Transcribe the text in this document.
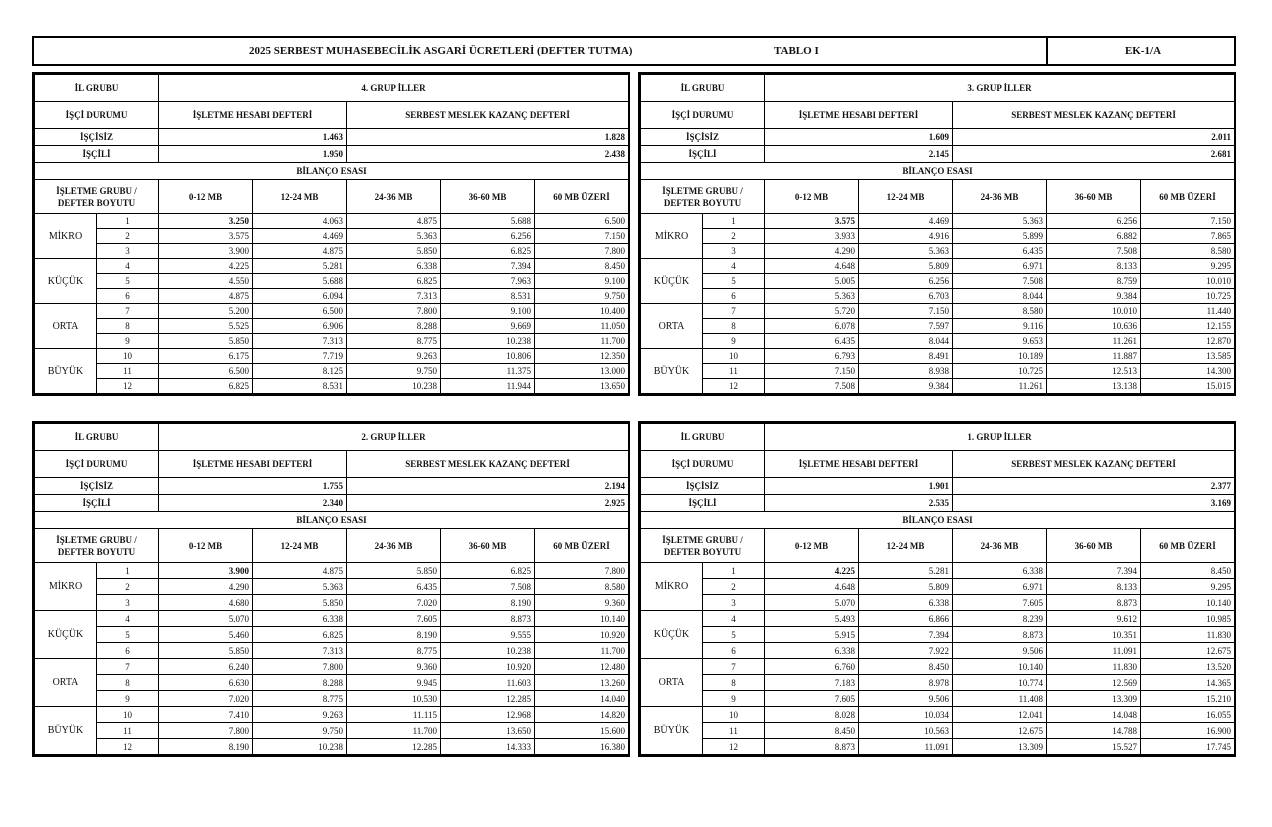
2025 SERBEST MUHASEBECİLİK ASGARİ ÜCRETLERİ (DEFTER TUTMA)	TABLO I	EK-1/A
İL GRUBU		4. GRUP İLLER				
İŞÇİ DURUMU		İŞLETME HESABI DEFTERİ		SERBEST MESLEK KAZANÇ DEFTERİ		
İŞÇİSİZ		1.463		1.828		
İŞÇİLİ		1.950		2.438		
BİLANÇO ESASI						
İŞLETME GRUBU / DEFTER BOYUTU		0-12 MB	12-24 MB	24-36 MB	36-60 MB	60 MB ÜZERİ
MİKRO	1	3.250	4.063	4.875	5.688	6.500
	2	3.575	4.469	5.363	6.256	7.150
	3	3.900	4.875	5.850	6.825	7.800
KÜÇÜK	4	4.225	5.281	6.338	7.394	8.450
	5	4.550	5.688	6.825	7.963	9.100
	6	4.875	6.094	7.313	8.531	9.750
ORTA	7	5.200	6.500	7.800	9.100	10.400
	8	5.525	6.906	8.288	9.669	11.050
	9	5.850	7.313	8.775	10.238	11.700
BÜYÜK	10	6.175	7.719	9.263	10.806	12.350
	11	6.500	8.125	9.750	11.375	13.000
	12	6.825	8.531	10.238	11.944	13.650
İL GRUBU		3. GRUP İLLER				
İŞÇİ DURUMU		İŞLETME HESABI DEFTERİ		SERBEST MESLEK KAZANÇ DEFTERİ		
İŞÇİSİZ		1.609		2.011		
İŞÇİLİ		2.145		2.681		
BİLANÇO ESASI						
İŞLETME GRUBU / DEFTER BOYUTU		0-12 MB	12-24 MB	24-36 MB	36-60 MB	60 MB ÜZERİ
MİKRO	1	3.575	4.469	5.363	6.256	7.150
	2	3.933	4.916	5.899	6.882	7.865
	3	4.290	5.363	6.435	7.508	8.580
KÜÇÜK	4	4.648	5.809	6.971	8.133	9.295
	5	5.005	6.256	7.508	8.759	10.010
	6	5.363	6.703	8.044	9.384	10.725
ORTA	7	5.720	7.150	8.580	10.010	11.440
	8	6.078	7.597	9.116	10.636	12.155
	9	6.435	8.044	9.653	11.261	12.870
BÜYÜK	10	6.793	8.491	10.189	11.887	13.585
	11	7.150	8.938	10.725	12.513	14.300
	12	7.508	9.384	11.261	13.138	15.015
İL GRUBU		2. GRUP İLLER				
İŞÇİ DURUMU		İŞLETME HESABI DEFTERİ		SERBEST MESLEK KAZANÇ DEFTERİ		
İŞÇİSİZ		1.755		2.194		
İŞÇİLİ		2.340		2.925		
BİLANÇO ESASI						
İŞLETME GRUBU / DEFTER BOYUTU		0-12 MB	12-24 MB	24-36 MB	36-60 MB	60 MB ÜZERİ
MİKRO	1	3.900	4.875	5.850	6.825	7.800
	2	4.290	5.363	6.435	7.508	8.580
	3	4.680	5.850	7.020	8.190	9.360
KÜÇÜK	4	5.070	6.338	7.605	8.873	10.140
	5	5.460	6.825	8.190	9.555	10.920
	6	5.850	7.313	8.775	10.238	11.700
ORTA	7	6.240	7.800	9.360	10.920	12.480
	8	6.630	8.288	9.945	11.603	13.260
	9	7.020	8.775	10.530	12.285	14.040
BÜYÜK	10	7.410	9.263	11.115	12.968	14.820
	11	7.800	9.750	11.700	13.650	15.600
	12	8.190	10.238	12.285	14.333	16.380
İL GRUBU		1. GRUP İLLER				
İŞÇİ DURUMU		İŞLETME HESABI DEFTERİ		SERBEST MESLEK KAZANÇ DEFTERİ		
İŞÇİSİZ		1.901		2.377		
İŞÇİLİ		2.535		3.169		
BİLANÇO ESASI						
İŞLETME GRUBU / DEFTER BOYUTU		0-12 MB	12-24 MB	24-36 MB	36-60 MB	60 MB ÜZERİ
MİKRO	1	4.225	5.281	6.338	7.394	8.450
	2	4.648	5.809	6.971	8.133	9.295
	3	5.070	6.338	7.605	8.873	10.140
KÜÇÜK	4	5.493	6.866	8.239	9.612	10.985
	5	5.915	7.394	8.873	10.351	11.830
	6	6.338	7.922	9.506	11.091	12.675
ORTA	7	6.760	8.450	10.140	11.830	13.520
	8	7.183	8.978	10.774	12.569	14.365
	9	7.605	9.506	11.408	13.309	15.210
BÜYÜK	10	8.028	10.034	12.041	14.048	16.055
	11	8.450	10.563	12.675	14.788	16.900
	12	8.873	11.091	13.309	15.527	17.745
